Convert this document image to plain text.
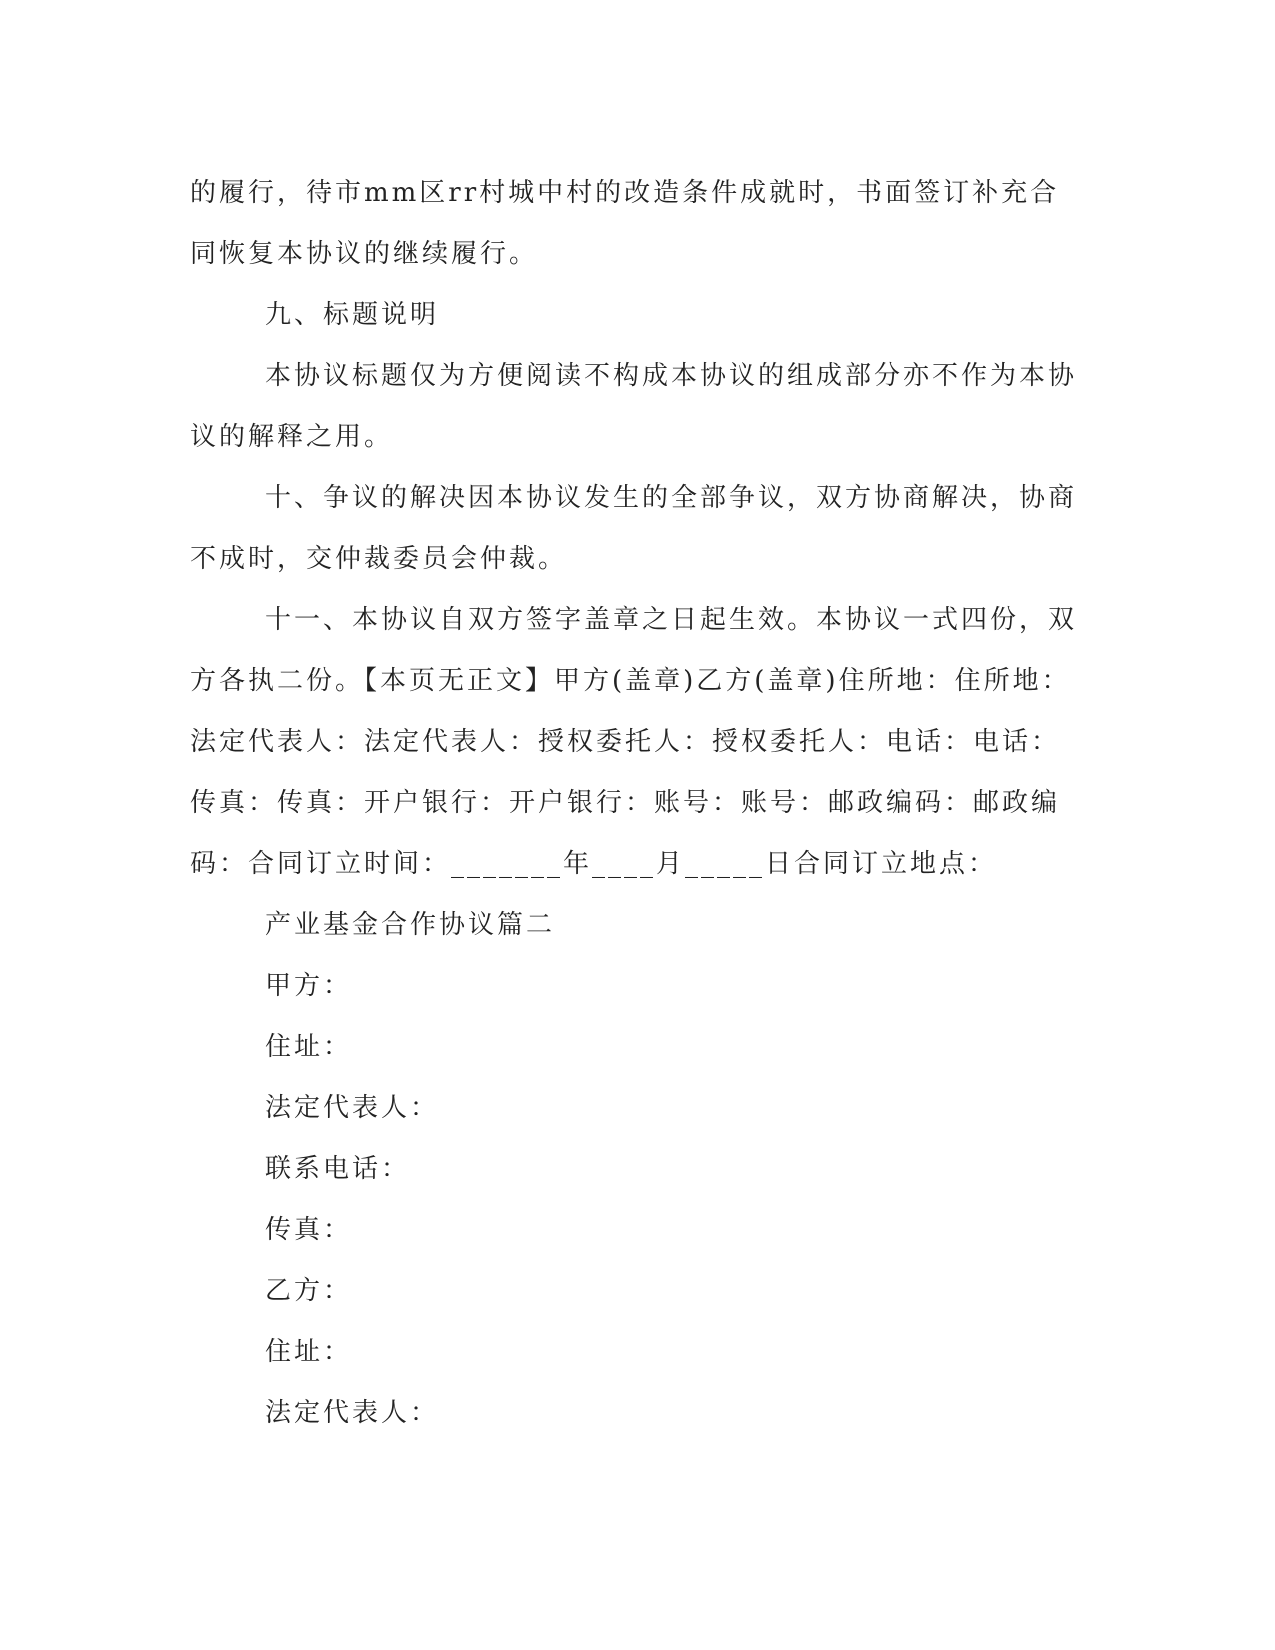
的履行，待市mm区rr村城中村的改造条件成就时，书面签订补充合同恢复本协议的继续履行。

九、标题说明

本协议标题仅为方便阅读不构成本协议的组成部分亦不作为本协议的解释之用。

十、争议的解决因本协议发生的全部争议，双方协商解决，协商不成时，交仲裁委员会仲裁。

十一、本协议自双方签字盖章之日起生效。本协议一式四份，双方各执二份。【本页无正文】甲方(盖章)乙方(盖章)住所地：住所地：法定代表人：法定代表人：授权委托人：授权委托人：电话：电话：传真：传真：开户银行：开户银行：账号：账号：邮政编码：邮政编码：合同订立时间：_______年____月_____日合同订立地点：

产业基金合作协议篇二

甲方：

住址：

法定代表人：

联系电话：

传真：

乙方：

住址：

法定代表人：
